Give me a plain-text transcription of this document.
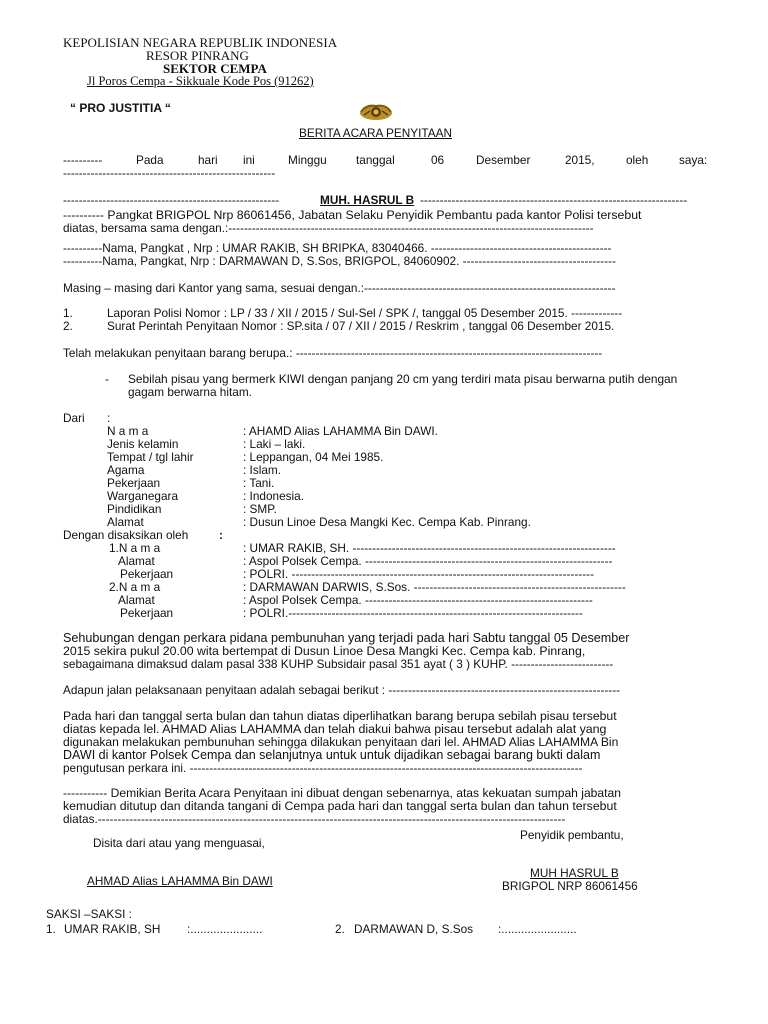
KEPOLISIAN NEGARA REPUBLIK INDONESIA
RESOR PINRANG
SEKTOR CEMPA
Jl Poros Cempa - Sikkuale Kode Pos (91262)
“ PRO JUSTITIA “
BERITA ACARA PENYITAAN
----------	Pada	hari ini	Minggu tanggal	06	Desember	2015,	oleh	saya:
------------------------------------------------------
-------------------------------------------------------	MUH. HASRUL B --------------------------------------------------------------------
---------- Pangkat BRIGPOL Nrp 86061456, Jabatan Selaku Penyidik Pembantu pada kantor Polisi tersebut
diatas, bersama sama dengan.:---------------------------------------------------------------------------------------------
----------Nama, Pangkat , Nrp : UMAR RAKIB, SH BRIPKA, 83040466. ----------------------------------------------
----------Nama, Pangkat, Nrp : DARMAWAN D, S.Sos, BRIGPOL, 84060902. ---------------------------------------
Masing – masing dari Kantor yang sama, sesuai dengan.:----------------------------------------------------------------
1.	Laporan Polisi Nomor : LP / 33 / XII / 2015 / Sul-Sel / SPK /, tanggal 05 Desember 2015. -------------
2.	Surat Perintah Penyitaan Nomor : SP.sita / 07 / XII / 2015 / Reskrim , tanggal 06 Desember 2015.
Telah melakukan penyitaan barang berupa.: ------------------------------------------------------------------------------
- Sebilah pisau yang bermerk KIWI dengan panjang 20 cm yang terdiri mata pisau berwarna putih dengan
gagam berwarna hitam.
Dari :
N a m a	: AHAMD Alias LAHAMMA Bin DAWI.
Jenis kelamin	: Laki – laki.
Tempat / tgl lahir	: Leppangan, 04 Mei 1985.
Agama	: Islam.
Pekerjaan	: Tani.
Warganegara	: Indonesia.
Pindidikan	: SMP.
Alamat	: Dusun Linoe Desa Mangki Kec. Cempa Kab. Pinrang.
Dengan disaksikan oleh	:
1.N a m a	: UMAR RAKIB, SH. -------------------------------------------------------------------
Alamat	: Aspol Polsek Cempa. ---------------------------------------------------------------
Pekerjaan	: POLRI. -----------------------------------------------------------------------------
2.N a m a	: DARMAWAN DARWIS, S.Sos. ------------------------------------------------------
Alamat	: Aspol Polsek Cempa. ----------------------------------------------------------
Pekerjaan	: POLRI.---------------------------------------------------------------------------
Sehubungan dengan perkara pidana pembunuhan yang terjadi pada hari Sabtu tanggal 05 Desember
2015 sekira pukul 20.00 wita bertempat di Dusun Linoe Desa Mangki Kec. Cempa kab. Pinrang,
sebagaimana dimaksud dalam pasal 338 KUHP Subsidair pasal 351 ayat ( 3 ) KUHP. --------------------------
Adapun jalan pelaksanaan penyitaan adalah sebagai berikut : -----------------------------------------------------------
Pada hari dan tanggal serta bulan dan tahun diatas diperlihatkan barang berupa sebilah pisau tersebut
diatas kepada lel. AHMAD Alias LAHAMMA dan telah diakui bahwa pisau tersebut adalah alat yang
digunakan melakukan pembunuhan sehingga dilakukan penyitaan dari lel. AHMAD Alias LAHAMMA Bin
DAWI di kantor Polsek Cempa dan selanjutnya untuk untuk dijadikan sebagai barang bukti dalam
pengutusan perkara ini. ----------------------------------------------------------------------------------------------------
----------- Demikian Berita Acara Penyitaan ini dibuat dengan sebenarnya, atas kekuatan sumpah jabatan
kemudian ditutup dan ditanda tangani di Cempa pada hari dan tanggal serta bulan dan tahun tersebut
diatas.-----------------------------------------------------------------------------------------------------------------------
Disita dari atau yang menguasai,
Penyidik pembantu,
AHMAD Alias LAHAMMA Bin DAWI
MUH HASRUL B
BRIGPOL NRP 86061456
SAKSI –SAKSI :
1. UMAR RAKIB, SH :......................	2. DARMAWAN D, S.Sos :.......................
